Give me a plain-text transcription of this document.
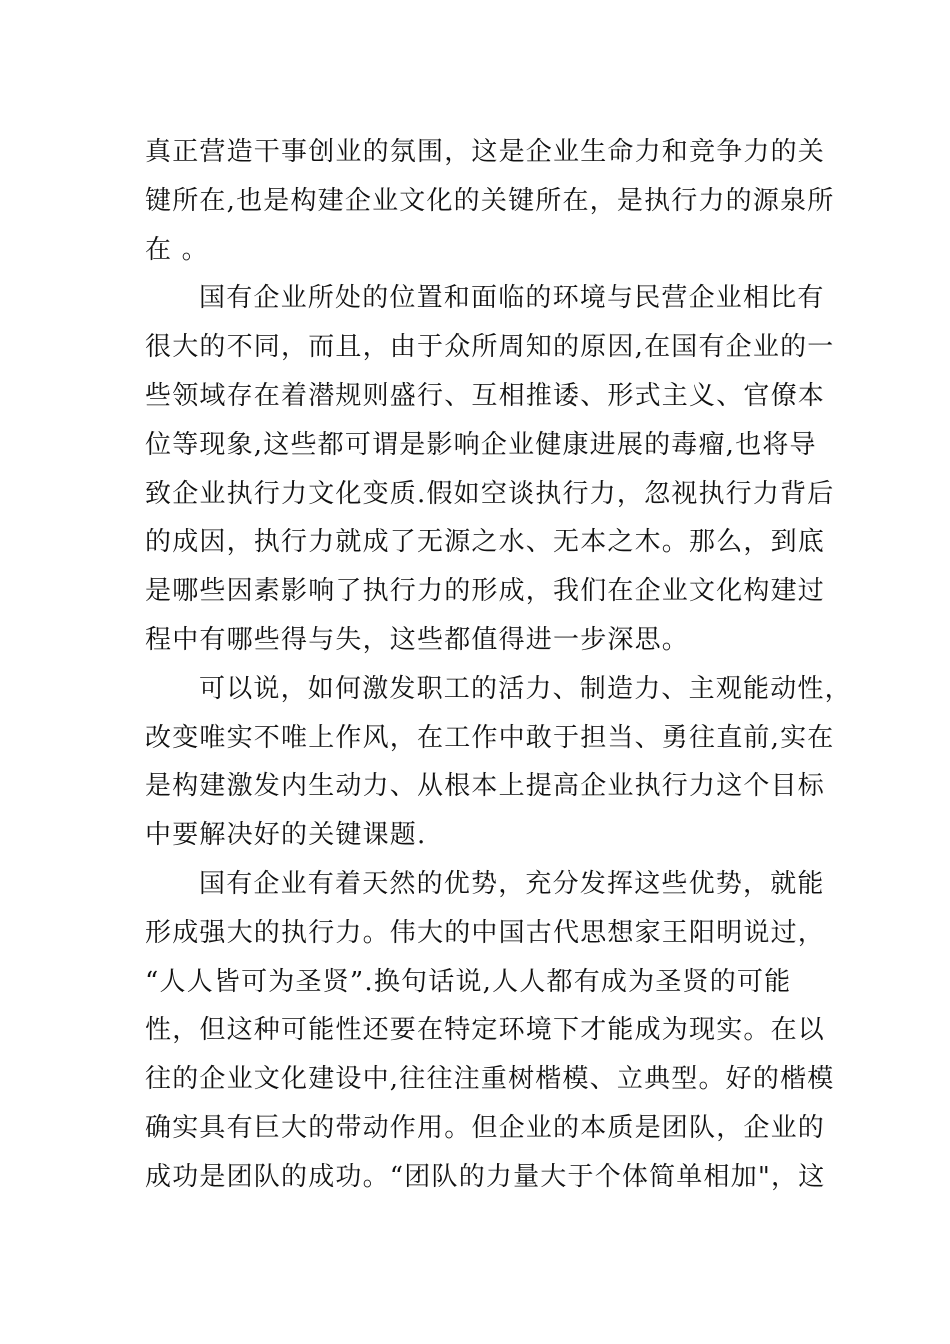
真正营造干事创业的氛围，这是企业生命力和竞争力的关
键所在,也是构建企业文化的关键所在，是执行力的源泉所
在 。
国有企业所处的位置和面临的环境与民营企业相比有
很大的不同，而且，由于众所周知的原因,在国有企业的一
些领域存在着潜规则盛行、互相推诿、形式主义、官僚本
位等现象,这些都可谓是影响企业健康进展的毒瘤,也将导
致企业执行力文化变质.假如空谈执行力，忽视执行力背后
的成因，执行力就成了无源之水、无本之木。那么，到底
是哪些因素影响了执行力的形成，我们在企业文化构建过
程中有哪些得与失，这些都值得进一步深思。
可以说，如何激发职工的活力、制造力、主观能动性，
改变唯实不唯上作风，在工作中敢于担当、勇往直前,实在
是构建激发内生动力、从根本上提高企业执行力这个目标
中要解决好的关键课题.
国有企业有着天然的优势，充分发挥这些优势，就能
形成强大的执行力。伟大的中国古代思想家王阳明说过，
“人人皆可为圣贤”.换句话说,人人都有成为圣贤的可能
性，但这种可能性还要在特定环境下才能成为现实。在以
往的企业文化建设中,往往注重树楷模、立典型。好的楷模
确实具有巨大的带动作用。但企业的本质是团队，企业的
成功是团队的成功。“团队的力量大于个体简单相加"，这
